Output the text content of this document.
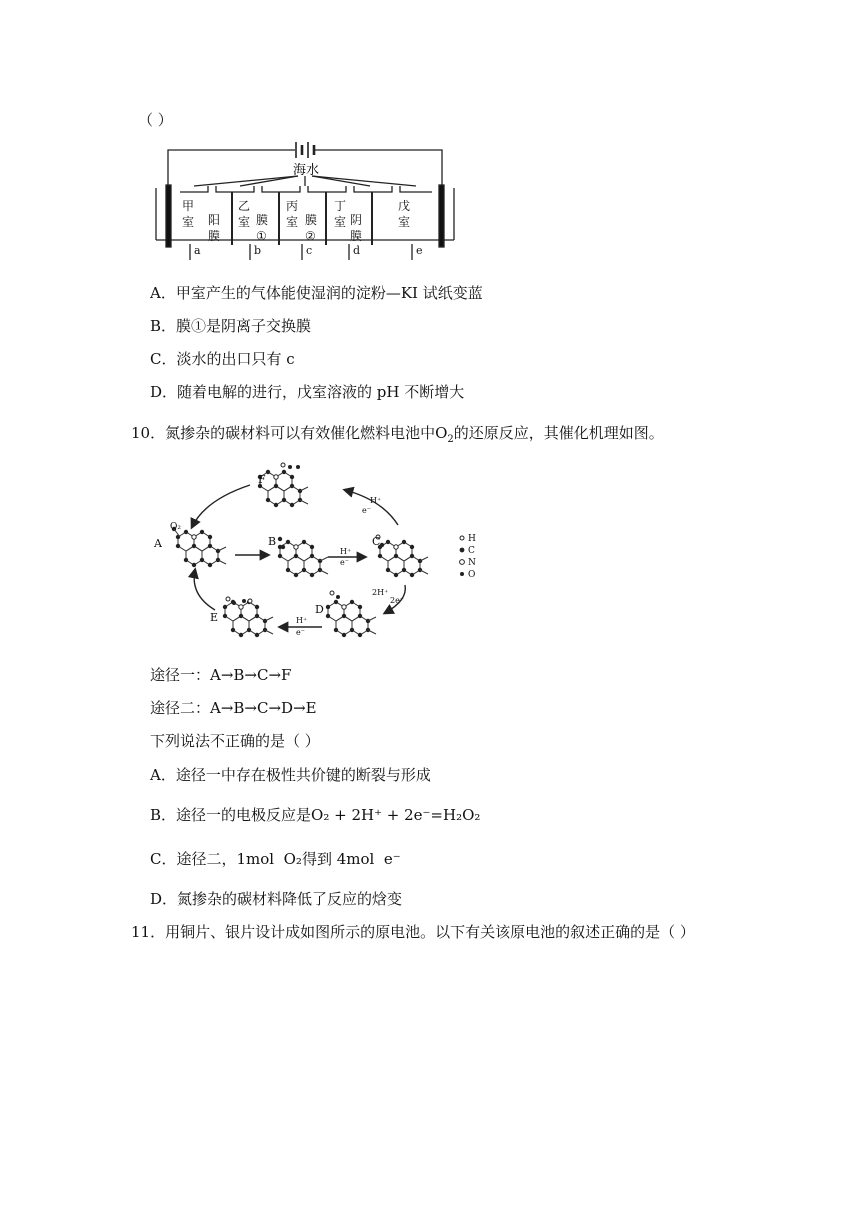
（ ）
海水
甲
室 阳
膜
乙
室 膜
①
丙
室 膜
②
丁
室 阴
膜
戊
室
a	b	c	d	e
A．甲室产生的气体能使湿润的淀粉—KI 试纸变蓝
B．膜①是阴离子交换膜
C．淡水的出口只有 c
D．随着电解的进行，戊室溶液的 pH 不断增大
10．氮掺杂的碳材料可以有效催化燃料电池中$O_2$的还原反应，其催化机理如图。
F
A
O₂
B	C
D
E
H⁺
e⁻
H⁺
e⁻
2H⁺
2e⁻
H⁺
e⁻
H
C
N
O
途径一：A→B→C→F
途径二：A→B→C→D→E
下列说法不正确的是（ ）
A．途径一中存在极性共价键的断裂与形成
B．途径一的电极反应是O₂ + 2H⁺ + 2e⁻=H₂O₂
C．途径二，1mol O₂得到 4mol e⁻
D．氮掺杂的碳材料降低了反应的焓变
11．用铜片、银片设计成如图所示的原电池。以下有关该原电池的叙述正确的是（ ）
